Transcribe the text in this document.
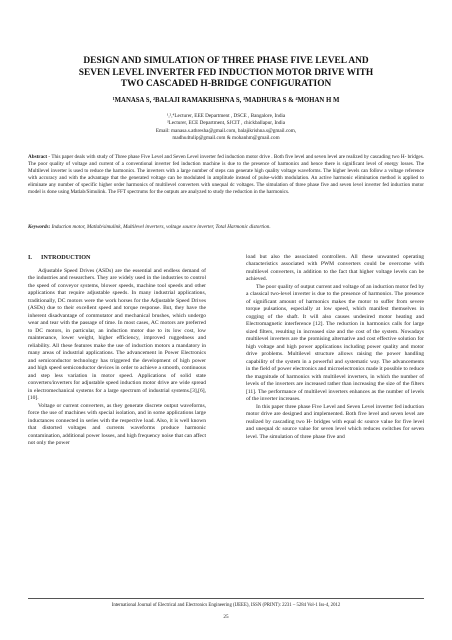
DESIGN AND SIMULATION OF THREE PHASE FIVE LEVEL AND
SEVEN LEVEL INVERTER FED INDUCTION MOTOR DRIVE WITH
TWO CASCADED H-BRIDGE CONFIGURATION
¹MANASA S, ²BALAJI RAMAKRISHNA S, ³MADHURA S & ⁴MOHAN H M
¹,²,⁴Lecturer, EEE Department , DSCE , Bangalore, India
³Lecturer, ECE Department, SJCIT , chickballapur, India
Email: manasa.s.athresha@gmail.com, balajikrishna.s@gmail.com,
madhu4tulip@gmail.com & mohanhm@gmail.com
Abstract - This paper deals with study of Three phase Five Level and Seven Level inverter fed induction motor drive . Both five level and seven level are realized by cascading two H- bridges. The poor quality of voltage and current of a conventional inverter fed induction machine is due to the presence of harmonics and hence there is significant level of energy losses. The Multilevel inverter is used to reduce the harmonics. The inverters with a large number of steps can generate high quality voltage waveforms. The higher levels can follow a voltage reference with accuracy and with the advantage that the generated voltage can be modulated in amplitude instead of pulse-width modulation. An active harmonic elimination method is applied to eliminate any number of specific higher order harmonics of multilevel converters with unequal dc voltages. The simulation of three phase five and seven level inverter fed induction motor model is done using Matlab/Simulink. The FFT spectrums for the outputs are analyzed to study the reduction in the harmonics.
Keywords: Induction motor, Matlab/simulink, Multilevel inverters, voltage source inverter, Total Harmonic distortion.
I. INTRODUCTION

Adjustable Speed Drives (ASDs) are the essential and endless demand of the industries and researchers. They are widely used in the industries to control the speed of conveyor systems, blower speeds, machine tool speeds and other applications that require adjustable speeds. In many industrial applications, traditionally, DC motors were the work horses for the Adjustable Speed Drives (ASDs) due to their excellent speed and torque response. But, they have the inherent disadvantage of commutator and mechanical brushes, which undergo wear and tear with the passage of time. In most cases, AC motors are preferred to DC motors, in particular, an induction motor due to its low cost, low maintenance, lower weight, higher efficiency, improved ruggedness and reliability. All these features make the use of induction motors a mandatory in many areas of industrial applications. The advancement in Power Electronics and semiconductor technology has triggered the development of high power and high speed semiconductor devices in order to achieve a smooth, continuous and step less variation in motor speed. Applications of solid state converters/inverters for adjustable speed induction motor drive are wide spread in electromechanical systems for a large spectrum of industrial systems.[3],[6],[10].

Voltage or current converters, as they generate discrete output waveforms, force the use of machines with special isolation, and in some applications large inductances connected in series with the respective load. Also, it is well known that distorted voltages and currents waveforms produce harmonic contamination, additional power losses, and high frequency noise that can affect not only the power

load but also the associated controllers. All these unwanted operating characteristics associated with PWM converters could be overcome with multilevel converters, in addition to the fact that higher voltage levels can be achieved.

The poor quality of output current and voltage of an induction motor fed by a classical two-level inverter is due to the presence of harmonics. The presence of significant amount of harmonics makes the motor to suffer from severe torque pulsations, especially at low speed, which manifest themselves in cogging of the shaft. It will also causes undesired motor heating and Electromagnetic interference [12]. The reduction in harmonics calls for large sized filters, resulting in increased size and the cost of the system. Nowadays multilevel inverters are the promising alternative and cost effective solution for high voltage and high power applications including power quality and motor drive problems. Multilevel structure allows raising the power handling capability of the system in a powerful and systematic way. The advancements in the field of power electronics and microelectronics made it possible to reduce the magnitude of harmonics with multilevel inverters, in which the number of levels of the inverters are increased rather than increasing the size of the filters [11]. The performance of multilevel inverters enhances as the number of levels of the inverter increases.

In this paper three phase Five Level and Seven Level inverter fed induction motor drive are designed and implemented. Both five level and seven level are realized by cascading two H- bridges with equal dc source value for five level and unequal dc source value for seven level which reduces switches for seven level. The simulation of three phase five and

International Journal of Electrical and Electronics Engineering (IJEEE), ISSN (PRINT): 2231 – 5284 Vol-1 Iss-4, 2012
25
